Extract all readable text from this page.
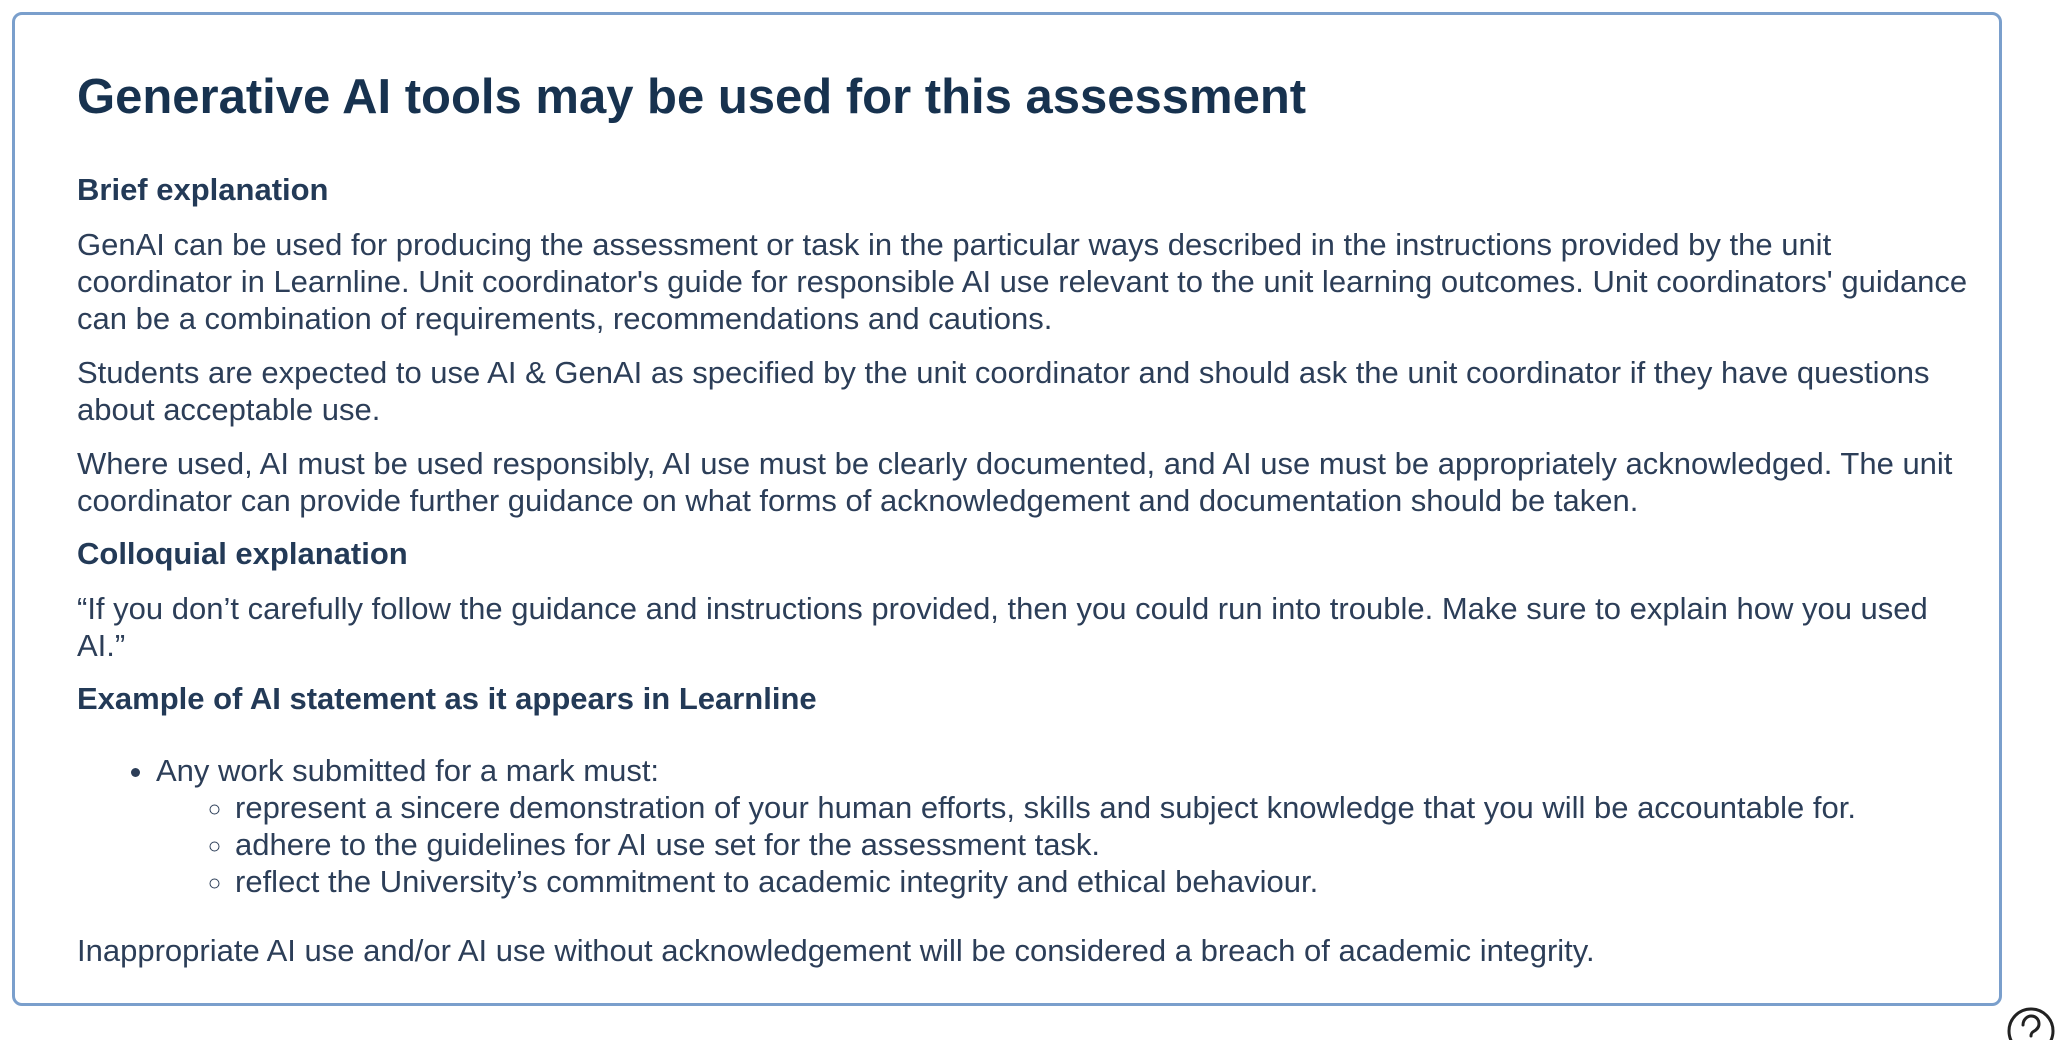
Generative AI tools may be used for this assessment
Brief explanation

GenAI can be used for producing the assessment or task in the particular ways described in the instructions provided by the unit coordinator in Learnline. Unit coordinator's guide for responsible AI use relevant to the unit learning outcomes. Unit coordinators' guidance can be a combination of requirements, recommendations and cautions.

Students are expected to use AI & GenAI as specified by the unit coordinator and should ask the unit coordinator if they have questions about acceptable use.

Where used, AI must be used responsibly, AI use must be clearly documented, and AI use must be appropriately acknowledged. The unit coordinator can provide further guidance on what forms of acknowledgement and documentation should be taken.

Colloquial explanation

“If you don’t carefully follow the guidance and instructions provided, then you could run into trouble. Make sure to explain how you used AI.”

Example of AI statement as it appears in Learnline
• Any work submitted for a mark must:
◦ represent a sincere demonstration of your human efforts, skills and subject knowledge that you will be accountable for.
◦ adhere to the guidelines for AI use set for the assessment task.
◦ reflect the University’s commitment to academic integrity and ethical behaviour.

Inappropriate AI use and/or AI use without acknowledgement will be considered a breach of academic integrity.
